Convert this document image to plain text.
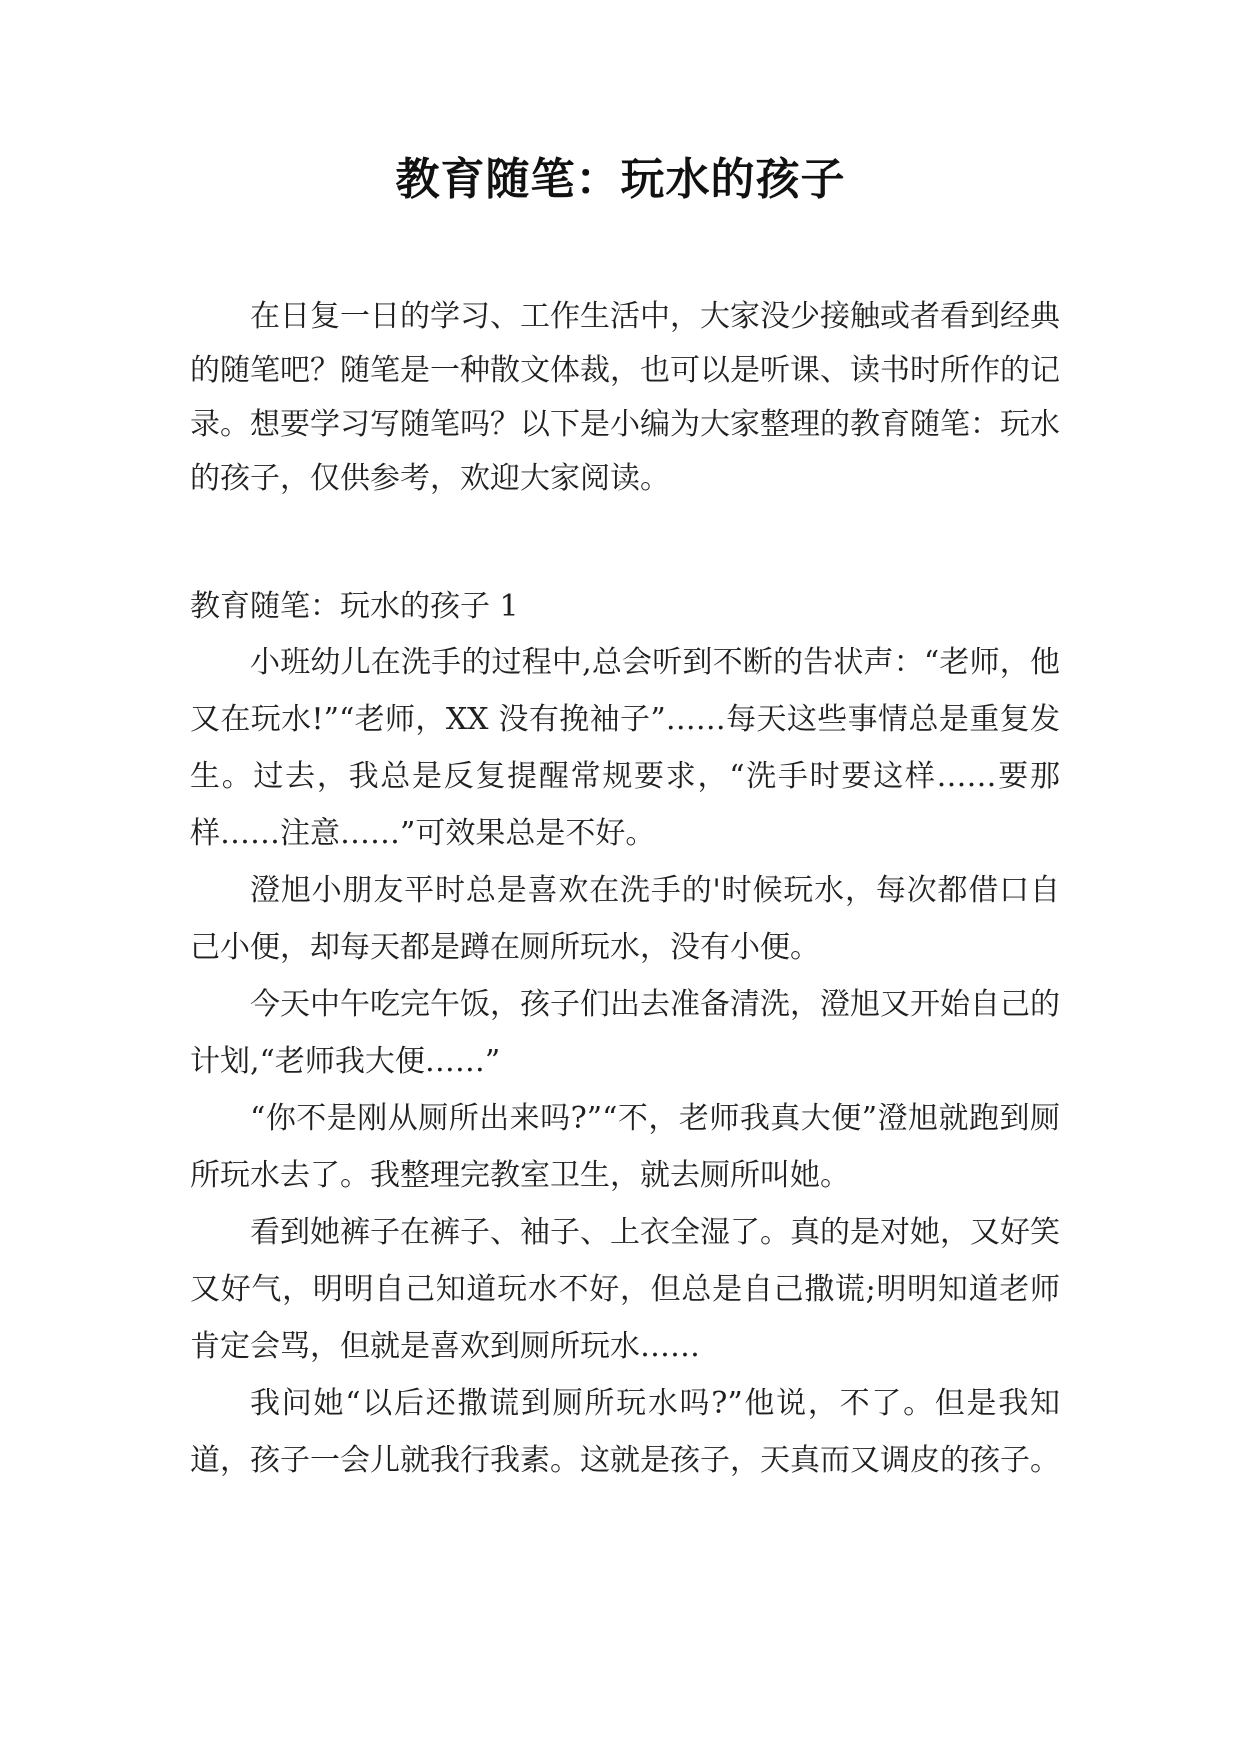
教育随笔：玩水的孩子

在日复一日的学习、工作生活中，大家没少接触或者看到经典的随笔吧？随笔是一种散文体裁，也可以是听课、读书时所作的记录。想要学习写随笔吗？以下是小编为大家整理的教育随笔：玩水的孩子，仅供参考，欢迎大家阅读。

教育随笔：玩水的孩子 1

小班幼儿在洗手的过程中,总会听到不断的告状声：“老师，他又在玩水!”“老师，XX 没有挽袖子”……每天这些事情总是重复发生。过去，我总是反复提醒常规要求，“洗手时要这样……要那样……注意……”可效果总是不好。

澄旭小朋友平时总是喜欢在洗手的'时候玩水，每次都借口自己小便，却每天都是蹲在厕所玩水，没有小便。

今天中午吃完午饭，孩子们出去准备清洗，澄旭又开始自己的计划,“老师我大便……”

“你不是刚从厕所出来吗?”“不，老师我真大便”澄旭就跑到厕所玩水去了。我整理完教室卫生，就去厕所叫她。

看到她裤子在裤子、袖子、上衣全湿了。真的是对她，又好笑又好气，明明自己知道玩水不好，但总是自己撒谎;明明知道老师肯定会骂，但就是喜欢到厕所玩水……

我问她“以后还撒谎到厕所玩水吗?”他说，不了。但是我知道，孩子一会儿就我行我素。这就是孩子，天真而又调皮的孩子。
